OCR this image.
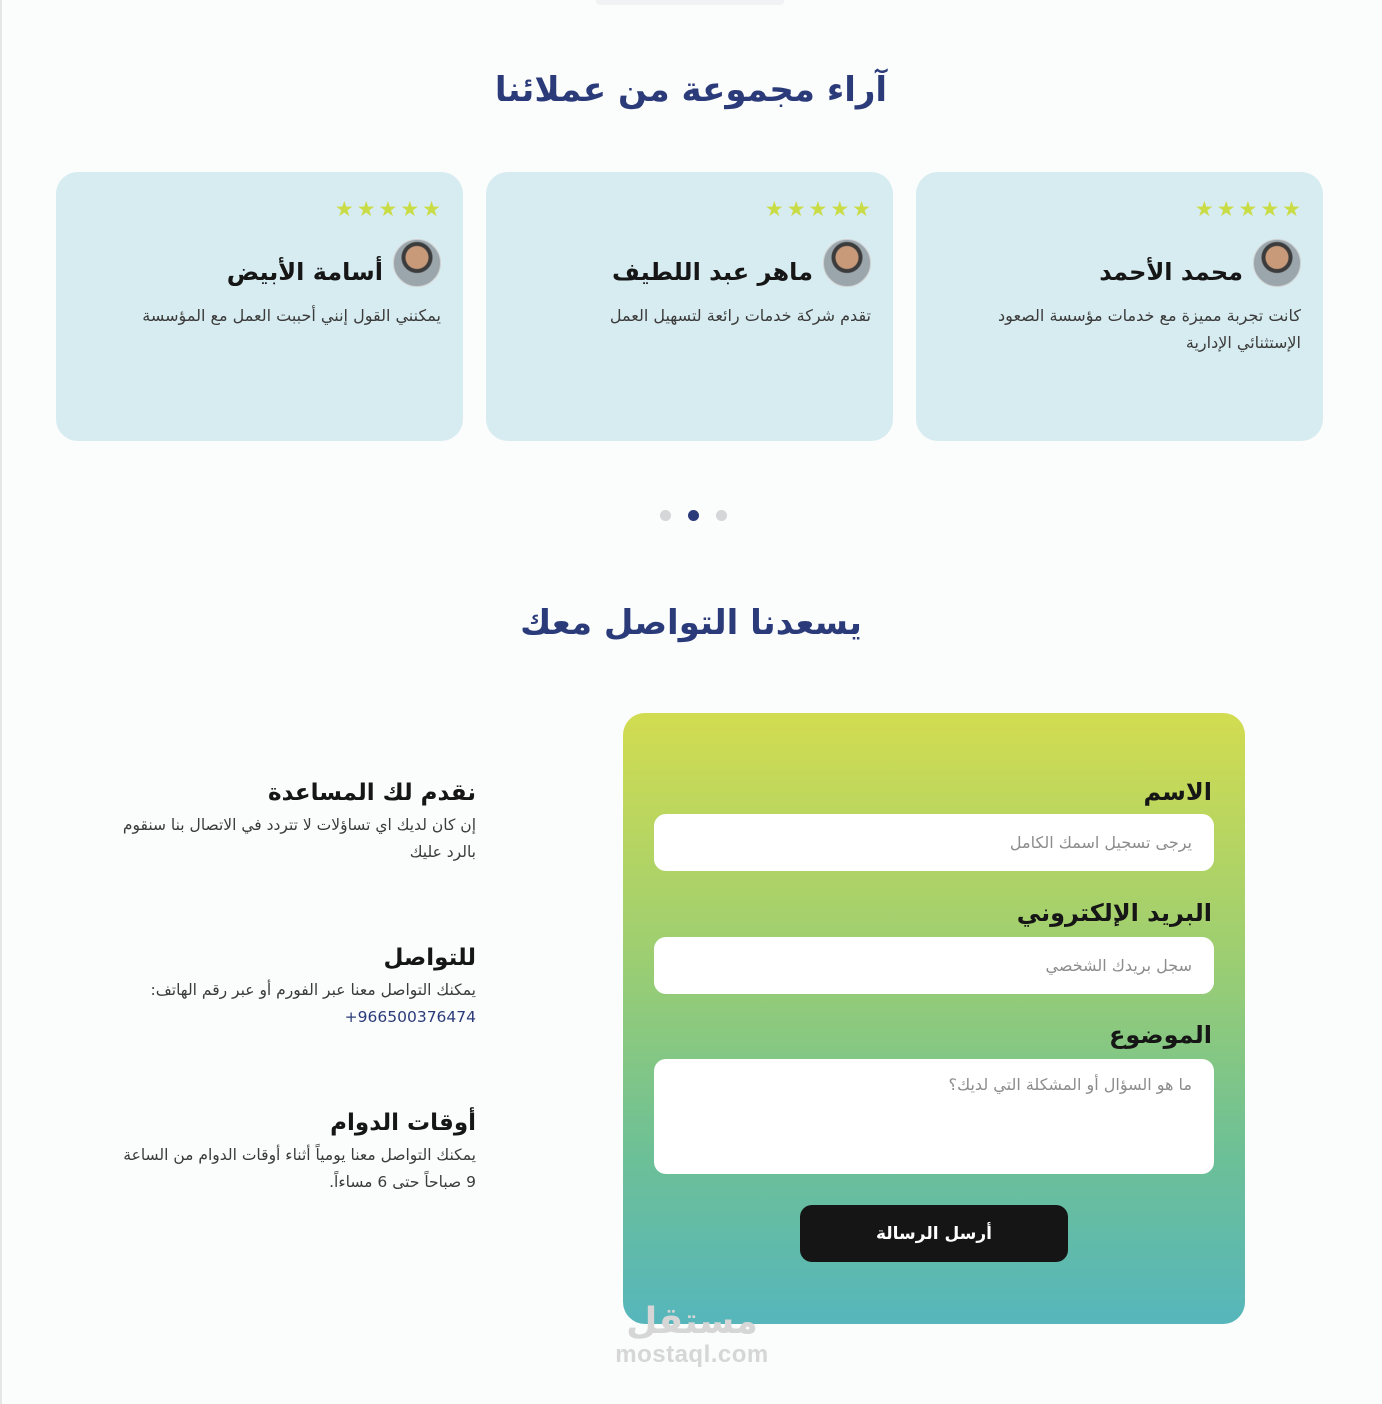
آراء مجموعة من عملائنا
★ ★ ★ ★ ★
محمد الأحمد

كانت تجربة مميزة مع خدمات مؤسسة الصعود الإستثنائي الإدارية

★ ★ ★ ★ ★
ماهر عبد اللطيف

تقدم شركة خدمات رائعة لتسهيل العمل

★ ★ ★ ★ ★
أسامة الأبيض

يمكنني القول إنني أحببت العمل مع المؤسسة

يسعدنا التواصل معك
نقدم لك المساعدة

إن كان لديك اي تساؤلات لا تتردد في الاتصال بنا سنقوم بالرد عليك

للتواصل

يمكنك التواصل معنا عبر الفورم أو عبر رقم الهاتف: +966500376474

أوقات الدوام

يمكنك التواصل معنا يومياً أثناء أوقات الدوام من الساعة 9 صباحاً حتى 6 مساءاً.

الاسم
يرجى تسجيل اسمك الكامل
البريد الإلكتروني
سجل بريدك الشخصي
الموضوع
ما هو السؤال أو المشكلة التي لديك؟
أرسل الرسالة
مستقل
mostaql.com
